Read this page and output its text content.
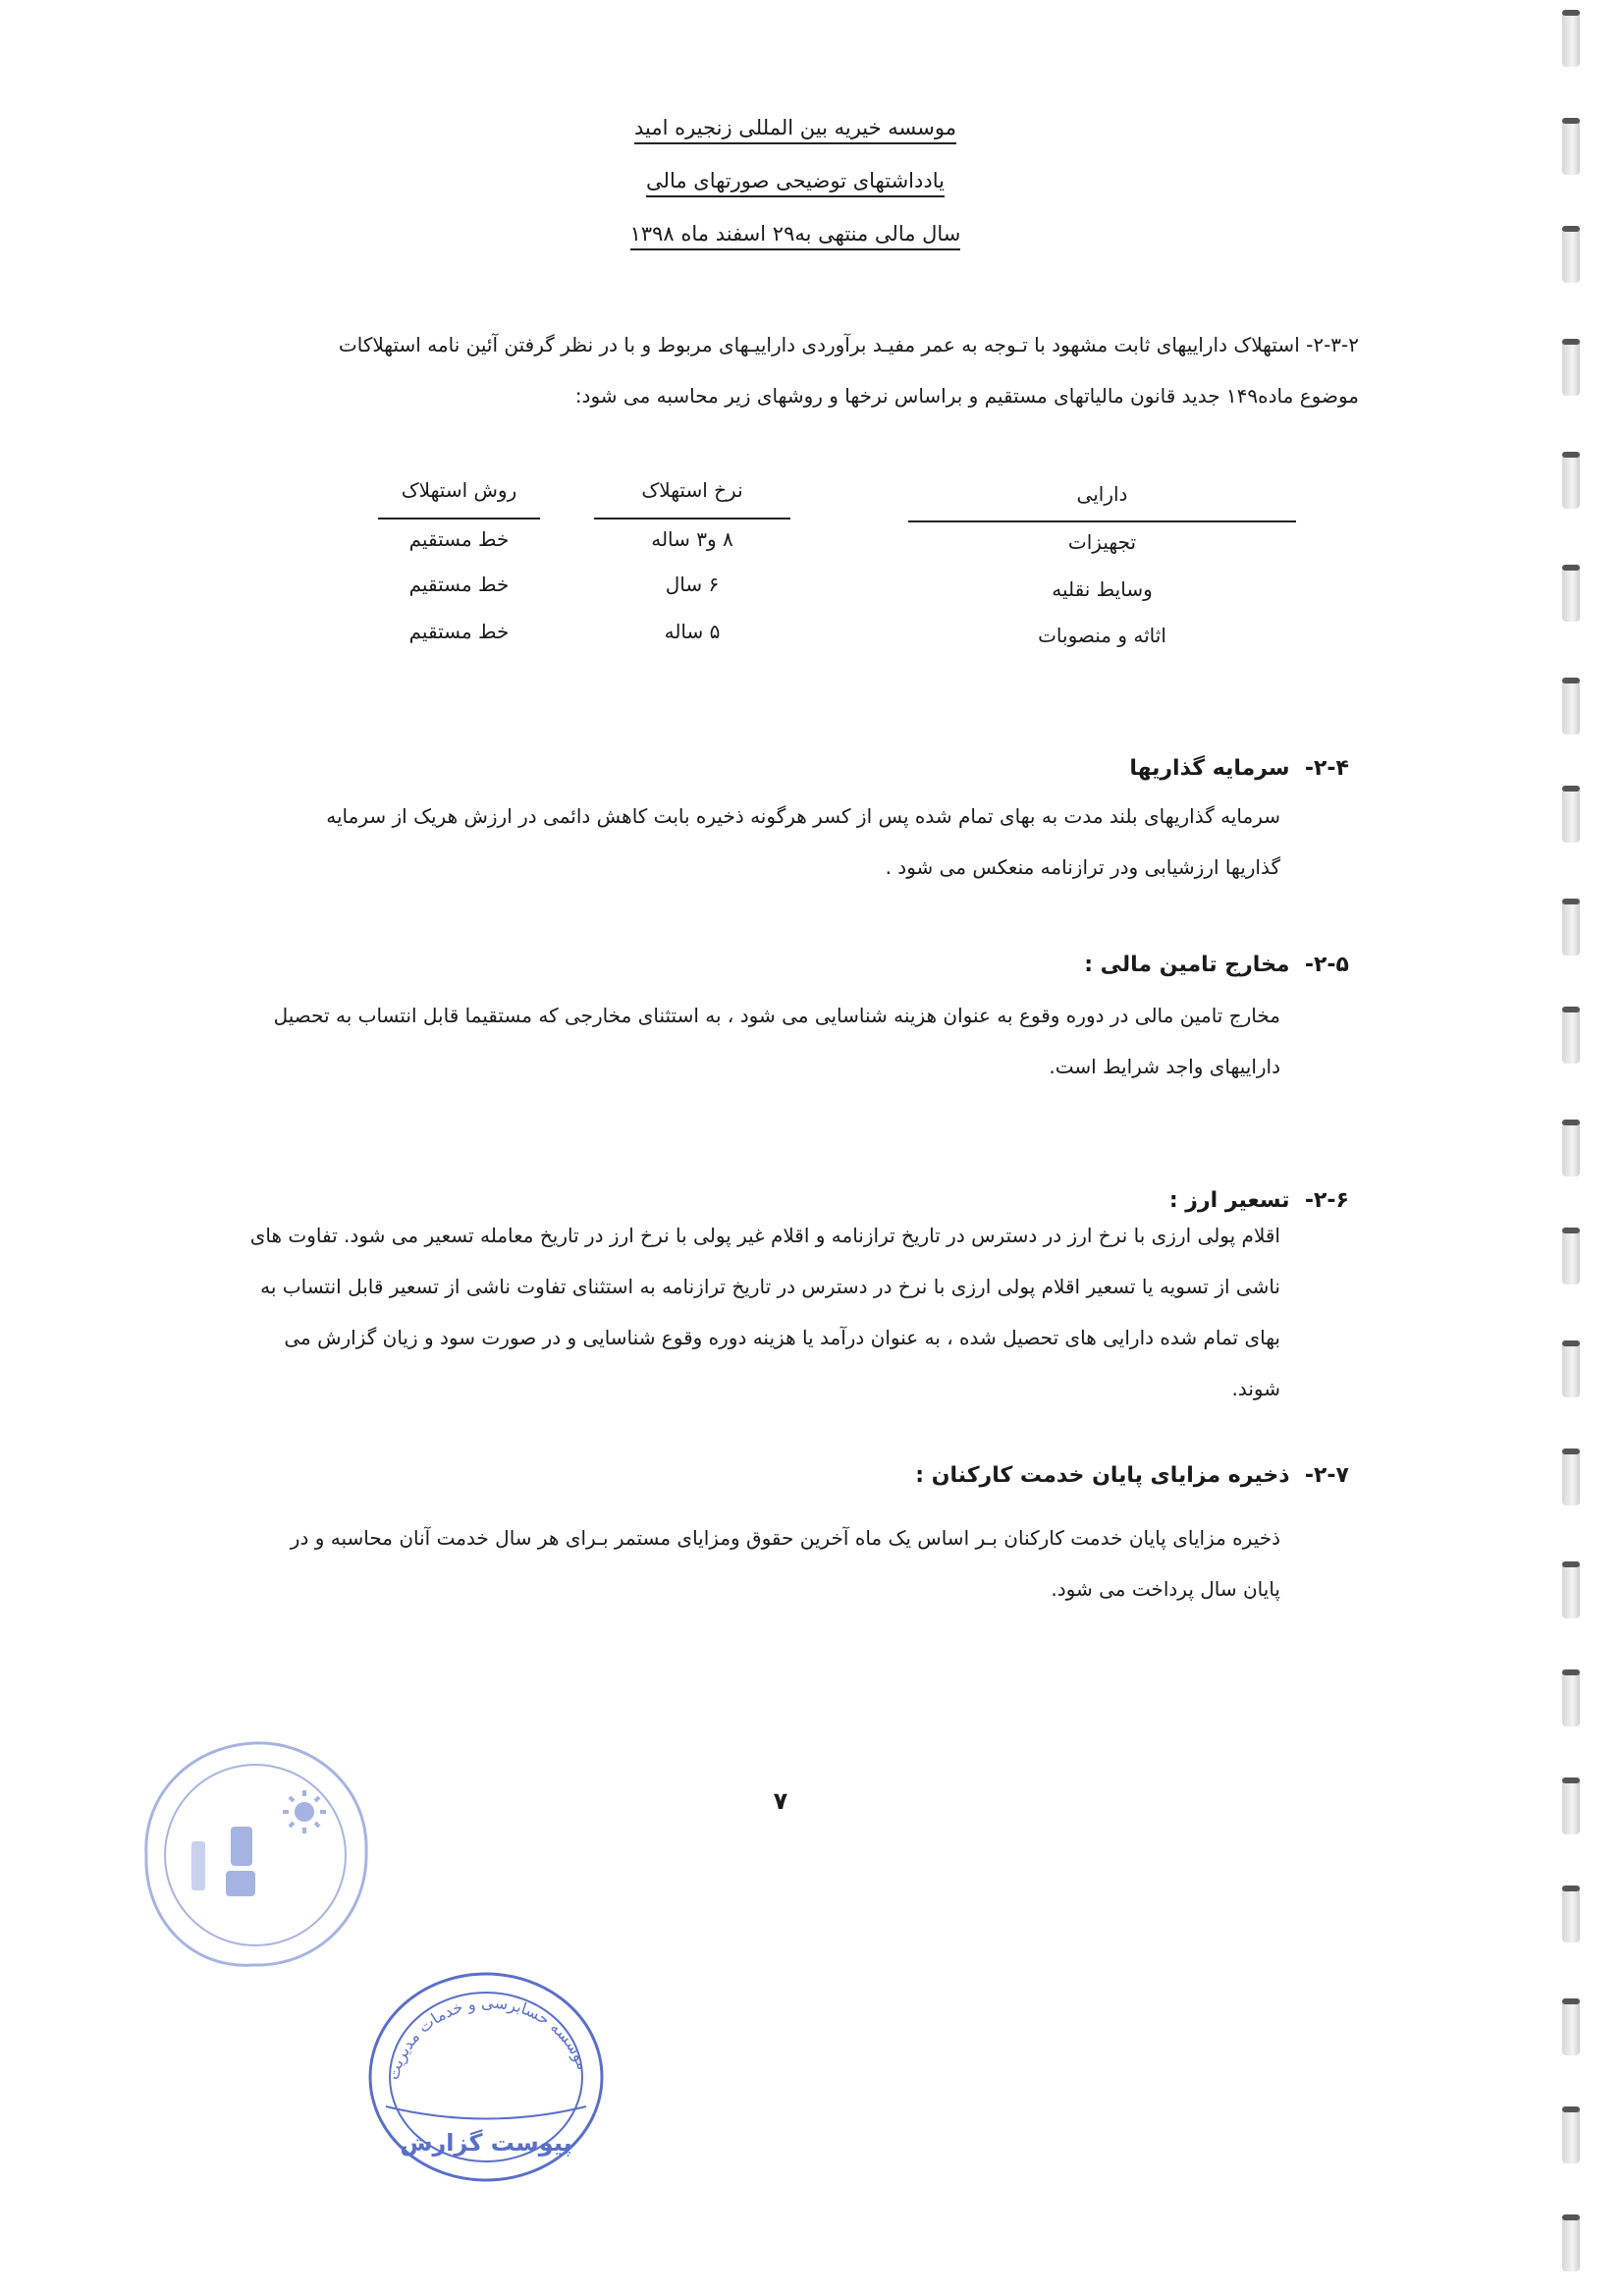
موسسه خیریه بین المللی زنجیره امید
یادداشتهای توضیحی صورتهای مالی
سال مالی منتهی به۲۹ اسفند ماه ۱۳۹۸
۲-۳-۲- استهلاک داراییهای ثابت مشهود با تـوجه به عمر مفیـد برآوردی داراییـهای مربوط و با در نظر گرفتن آئین نامه استهلاکات
موضوع ماده۱۴۹ جدید قانون مالیاتهای مستقیم و براساس نرخها و روشهای زیر محاسبه می شود:
دارایی
نرخ استهلاک
روش استهلاک
تجهیزات
۸ و۳ ساله
خط مستقیم
وسایط نقلیه
۶ سال
خط مستقیم
اثاثه و منصوبات
۵ ساله
خط مستقیم
۲-۴-  سرمایه گذاریها
سرمایه گذاریهای بلند مدت به بهای تمام شده پس از کسر هرگونه ذخیره بابت کاهش دائمی در ارزش هریک از سرمایه
گذاریها ارزشیابی ودر ترازنامه منعکس می شود .
۲-۵-  مخارج تامین مالی :
مخارج تامین مالی در دوره وقوع به عنوان هزینه شناسایی می شود ، به استثنای مخارجی که مستقیما قابل انتساب به تحصیل
داراییهای واجد شرایط است.
۲-۶-  تسعیر ارز :
اقلام پولی ارزی با نرخ ارز در دسترس در تاریخ ترازنامه و اقلام غیر پولی با نرخ ارز در تاریخ معامله تسعیر می شود. تفاوت های
ناشی از تسویه یا تسعیر اقلام پولی ارزی با نرخ در دسترس در تاریخ ترازنامه به استثنای تفاوت ناشی از تسعیر قابل انتساب به
بهای تمام شده دارایی های تحصیل شده ، به عنوان درآمد یا هزینه دوره وقوع شناسایی و در صورت سود و زیان گزارش می
شوند.
۲-۷-  ذخیره مزایای پایان خدمت کارکنان :
ذخیره مزایای پایان خدمت کارکنان بـر اساس یک ماه آخرین حقوق ومزایای مستمر بـرای هر سال خدمت آنان محاسبه و در
پایان سال پرداخت می شود.
۷
موسسه حسابرسی و خدمات مدیریت
پیوست گزارش
